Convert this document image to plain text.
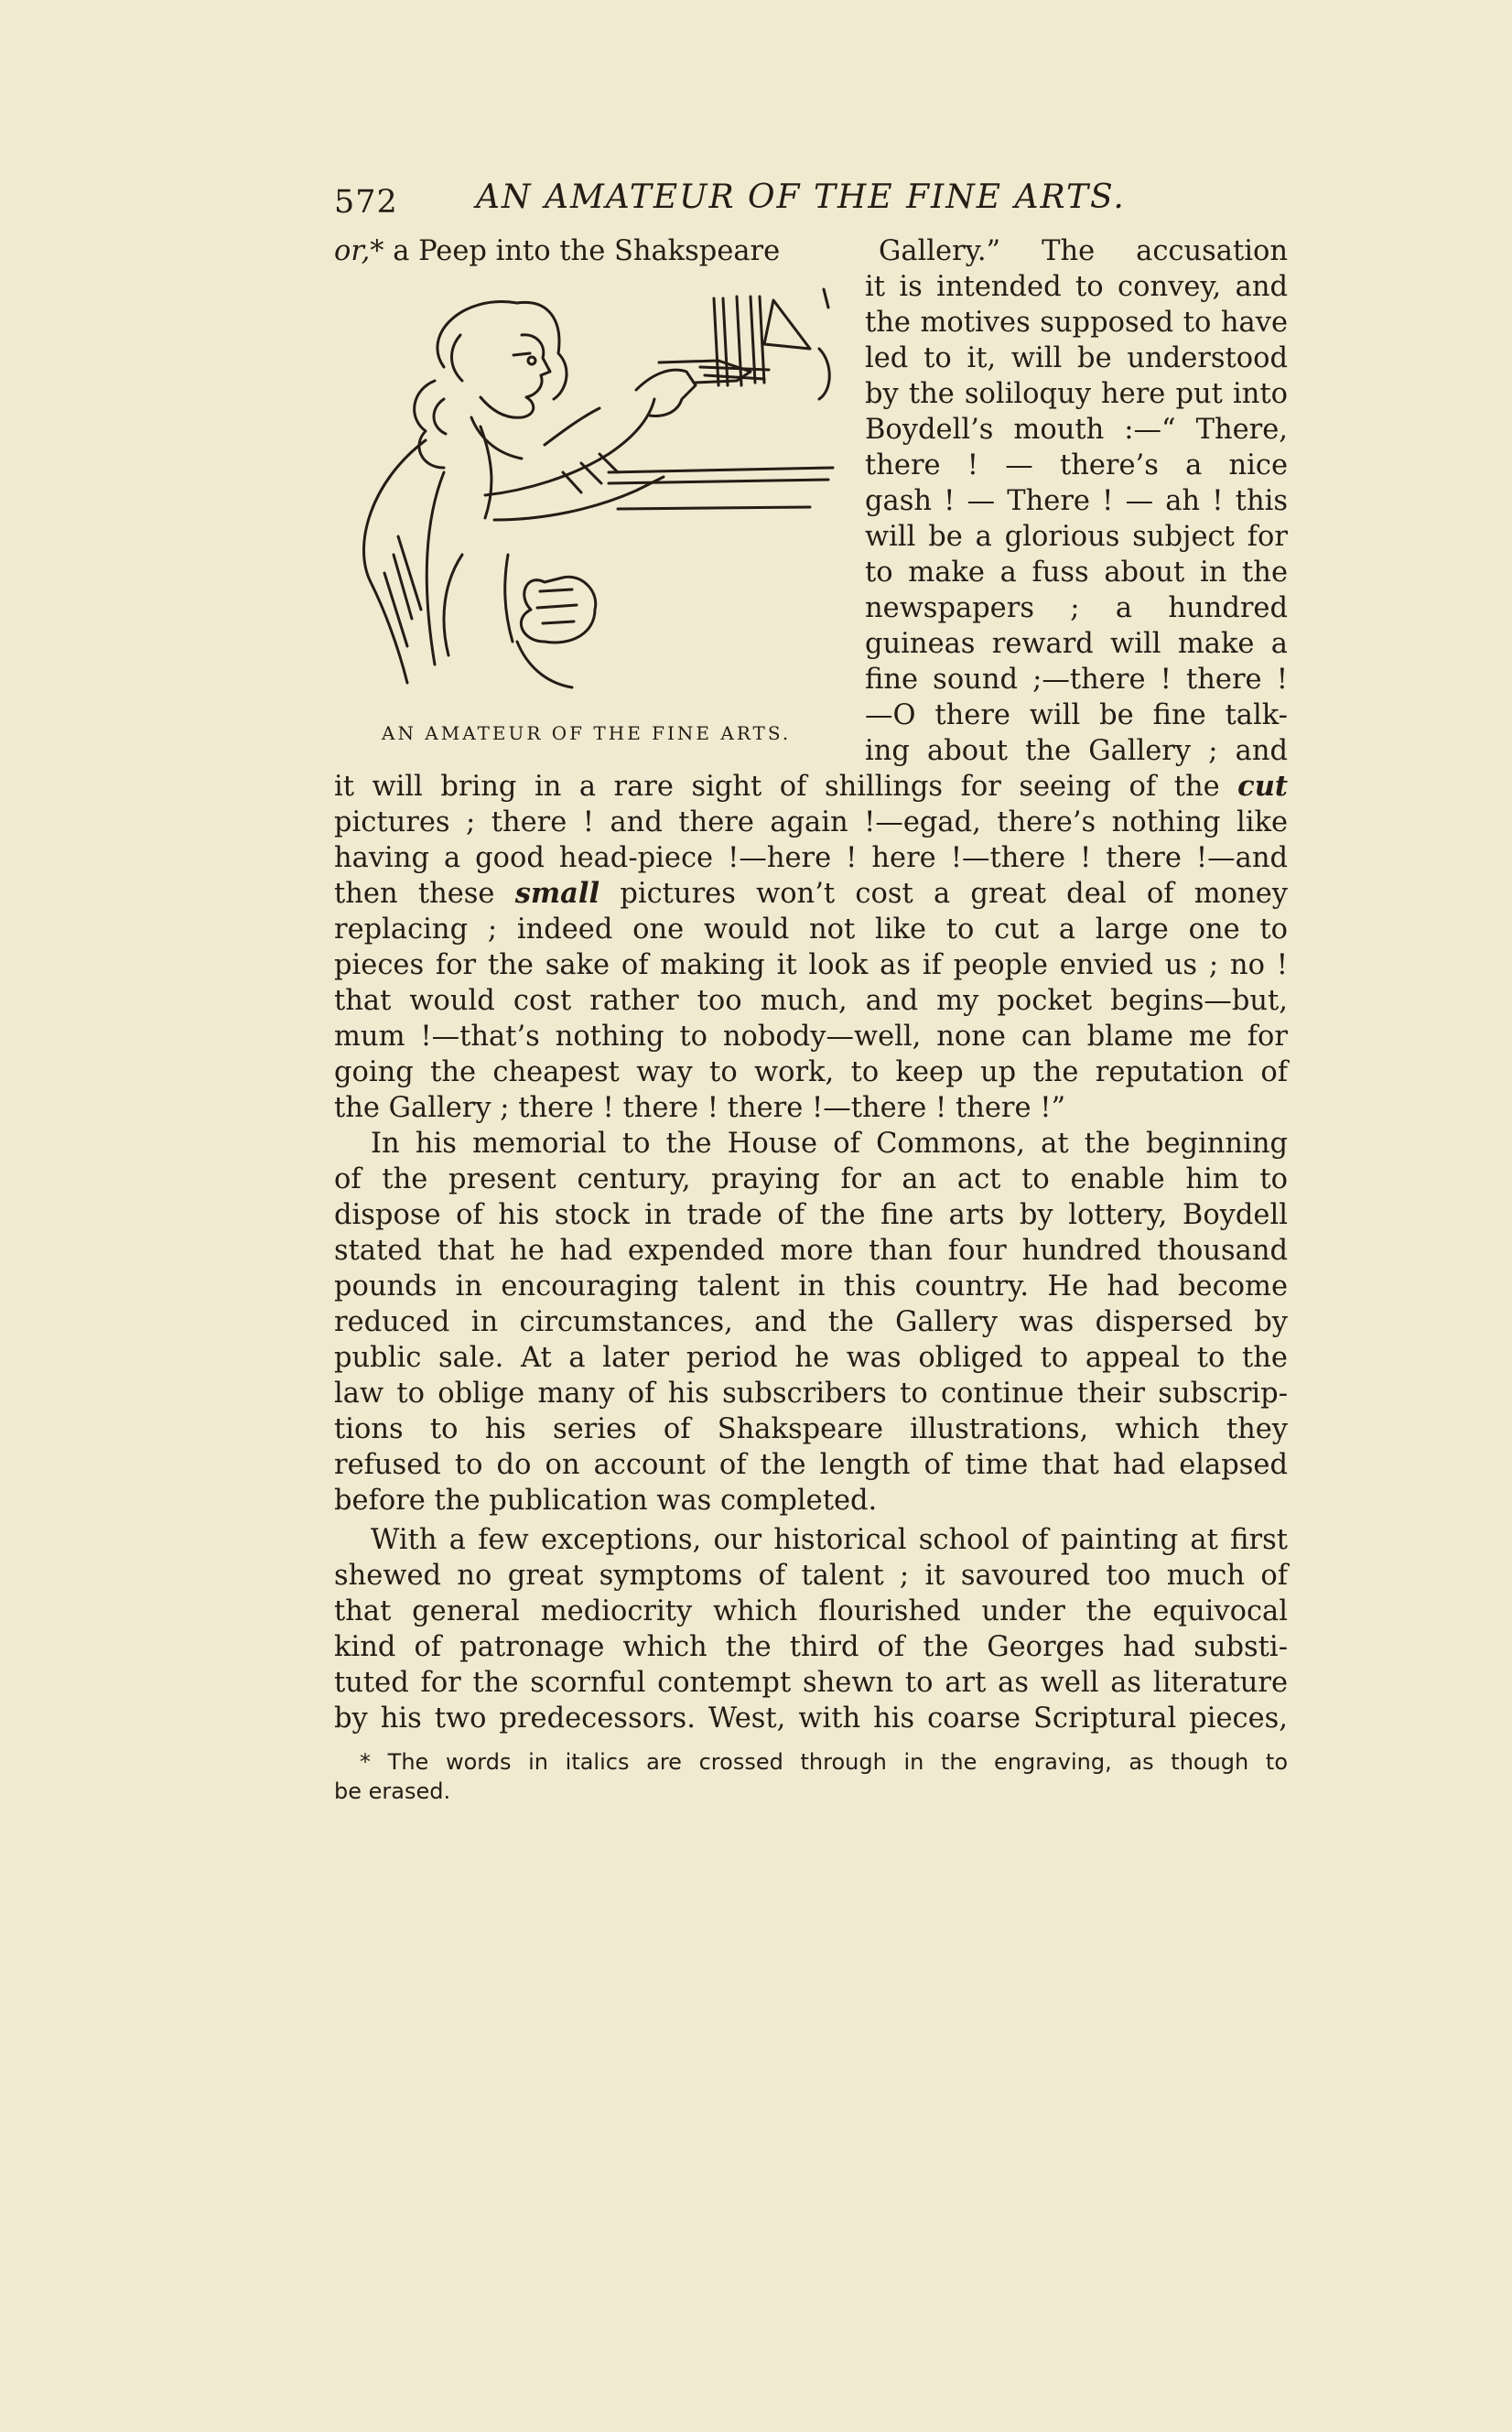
572 AN AMATEUR OF THE FINE ARTS.
or,* a Peep into the Shakspeare	Gallery.” The accusation
AN AMATEUR OF THE FINE ARTS.
it is intended to convey, and
the motives supposed to have
led to it, will be understood
by the soliloquy here put into
Boydell’s mouth :—“ There,
there ! — there’s a nice
gash ! — There ! — ah ! this
will be a glorious subject for
to make a fuss about in the
newspapers ; a hundred
guineas reward will make a
fine sound ;—there ! there !
—O there will be fine talk-
ing about the Gallery ; and
it will bring in a rare sight of shillings for seeing of the cut
pictures ; there ! and there again !—egad, there’s nothing like
having a good head-piece !—here ! here !—there ! there !—and
then these small pictures won’t cost a great deal of money
replacing ; indeed one would not like to cut a large one to
pieces for the sake of making it look as if people envied us ; no !
that would cost rather too much, and my pocket begins—but,
mum !—that’s nothing to nobody—well, none can blame me for
going the cheapest way to work, to keep up the reputation of
the Gallery ; there ! there ! there !—there ! there !”
In his memorial to the House of Commons, at the beginning
of the present century, praying for an act to enable him to
dispose of his stock in trade of the fine arts by lottery, Boydell
stated that he had expended more than four hundred thousand
pounds in encouraging talent in this country. He had become
reduced in circumstances, and the Gallery was dispersed by
public sale. At a later period he was obliged to appeal to the
law to oblige many of his subscribers to continue their subscrip-
tions to his series of Shakspeare illustrations, which they
refused to do on account of the length of time that had elapsed
before the publication was completed.
With a few exceptions, our historical school of painting at first
shewed no great symptoms of talent ; it savoured too much of
that general mediocrity which flourished under the equivocal
kind of patronage which the third of the Georges had substi-
tuted for the scornful contempt shewn to art as well as literature
by his two predecessors. West, with his coarse Scriptural pieces,
* The words in italics are crossed through in the engraving, as though to
be erased.
